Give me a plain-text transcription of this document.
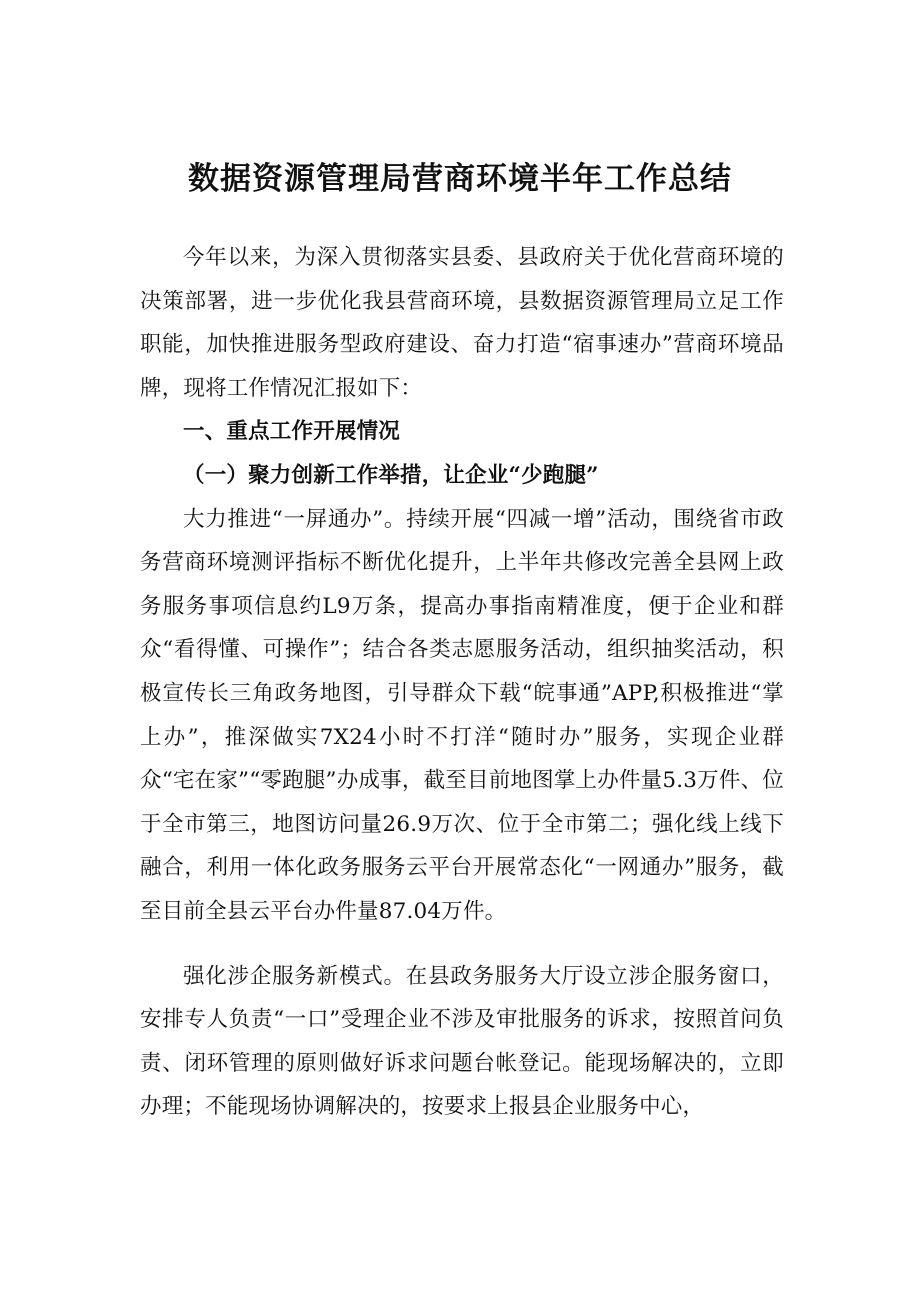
数据资源管理局营商环境半年工作总结

今年以来，为深入贯彻落实县委、县政府关于优化营商环境的决策部署，进一步优化我县营商环境，县数据资源管理局立足工作职能，加快推进服务型政府建设、奋力打造“宿事速办”营商环境品牌，现将工作情况汇报如下：

一、重点工作开展情况

（一）聚力创新工作举措，让企业“少跑腿”

大力推进“一屏通办”。持续开展“四减一增”活动，围绕省市政务营商环境测评指标不断优化提升，上半年共修改完善全县网上政务服务事项信息约L9万条，提高办事指南精准度，便于企业和群众“看得懂、可操作”；结合各类志愿服务活动，组织抽奖活动，积极宣传长三角政务地图，引导群众下载“皖事通”APP,积极推进“掌上办”，推深做实7X24小时不打洋“随时办”服务，实现企业群众“宅在家”“零跑腿”办成事，截至目前地图掌上办件量5.3万件、位于全市第三，地图访问量26.9万次、位于全市第二；强化线上线下融合，利用一体化政务服务云平台开展常态化“一网通办”服务，截至目前全县云平台办件量87.04万件。

强化涉企服务新模式。在县政务服务大厅设立涉企服务窗口，安排专人负责“一口”受理企业不涉及审批服务的诉求，按照首问负责、闭环管理的原则做好诉求问题台帐登记。能现场解决的，立即办理；不能现场协调解决的，按要求上报县企业服务中心，
